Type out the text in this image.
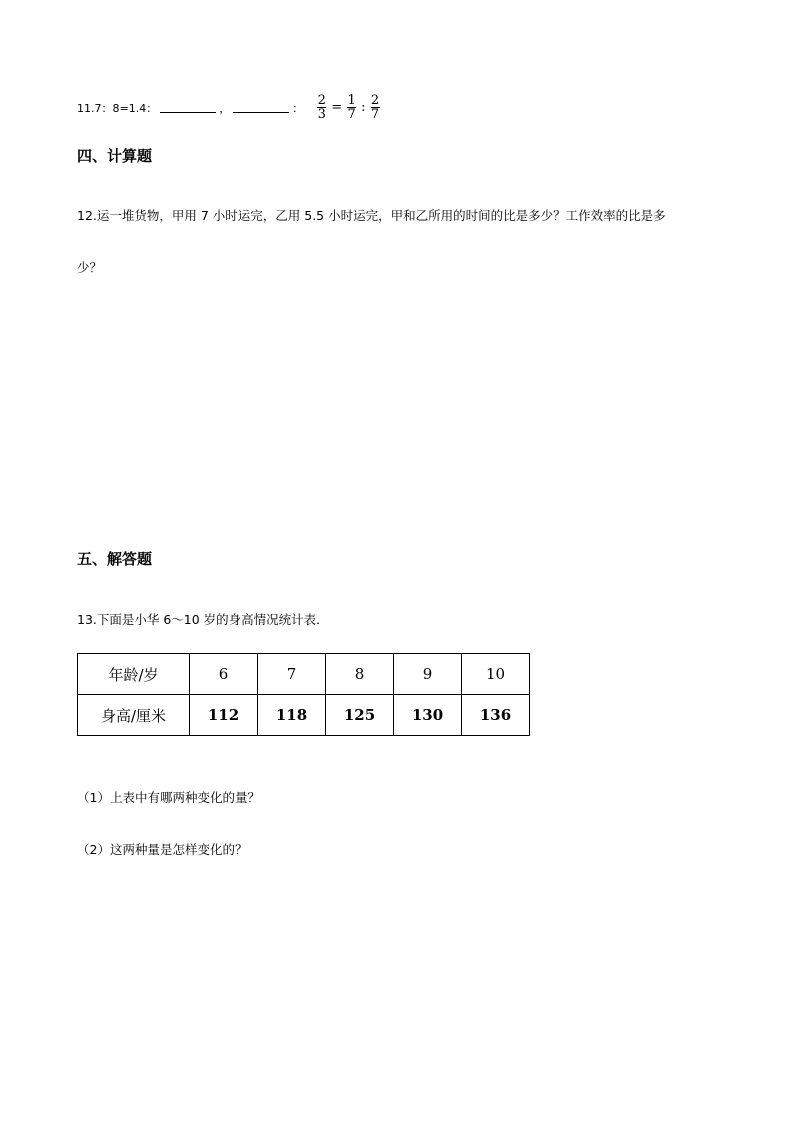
11.7：8=1.4：	，	： $\frac{2}{3} = \frac{1}{7}$ : $\frac{2}{7}$
四、计算题
12.运一堆货物，甲用 7 小时运完，乙用 5.5 小时运完，甲和乙所用的时间的比是多少？工作效率的比是多
少？
五、解答题
13.下面是小华 6～10 岁的身高情况统计表．
年龄/岁	6	7	8	9	10
身高/厘米	112	118	125	130	136
（1）上表中有哪两种变化的量？
（2）这两种量是怎样变化的？
